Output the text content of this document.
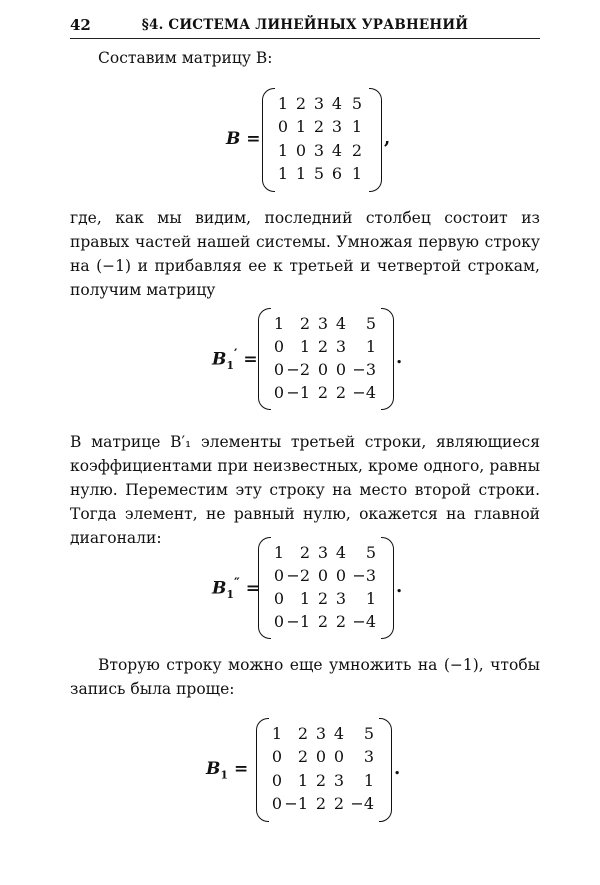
42	§4. СИСТЕМА ЛИНЕЙНЫХ УРАВНЕНИЙ

Составим матрицу B:

B =
1 2 3 4 5
0 1 2 3 1
1 0 3 4 2
1 1 5 6 1
,

где, как мы видим, последний столбец состоит из правых частей нашей системы. Умножая первую строку на (−1) и прибавляя ее к третьей и четвертой строкам, получим матрицу

$B_1'$ =
1 2 3 4	5
0 1 2 3	1
0 −2 0 0 −3
0 −1 2 2 −4
.

В матрице B′₁ элементы третьей строки, являющиеся коэффициентами при неизвестных, кроме одного, равны нулю. Переместим эту строку на место второй строки. Тогда элемент, не равный нулю, окажется на главной диагонали:

$B_1''$ =
1 2 3 4	5
0 −2 0 0 −3
0 1 2 3	1
0 −1 2 2 −4
.

Вторую строку можно еще умножить на (−1), чтобы запись была проще:

$B_1$ =
1 2 3 4	5
0 2 0 0	3
0 1 2 3	1
0 −1 2 2 −4
.
